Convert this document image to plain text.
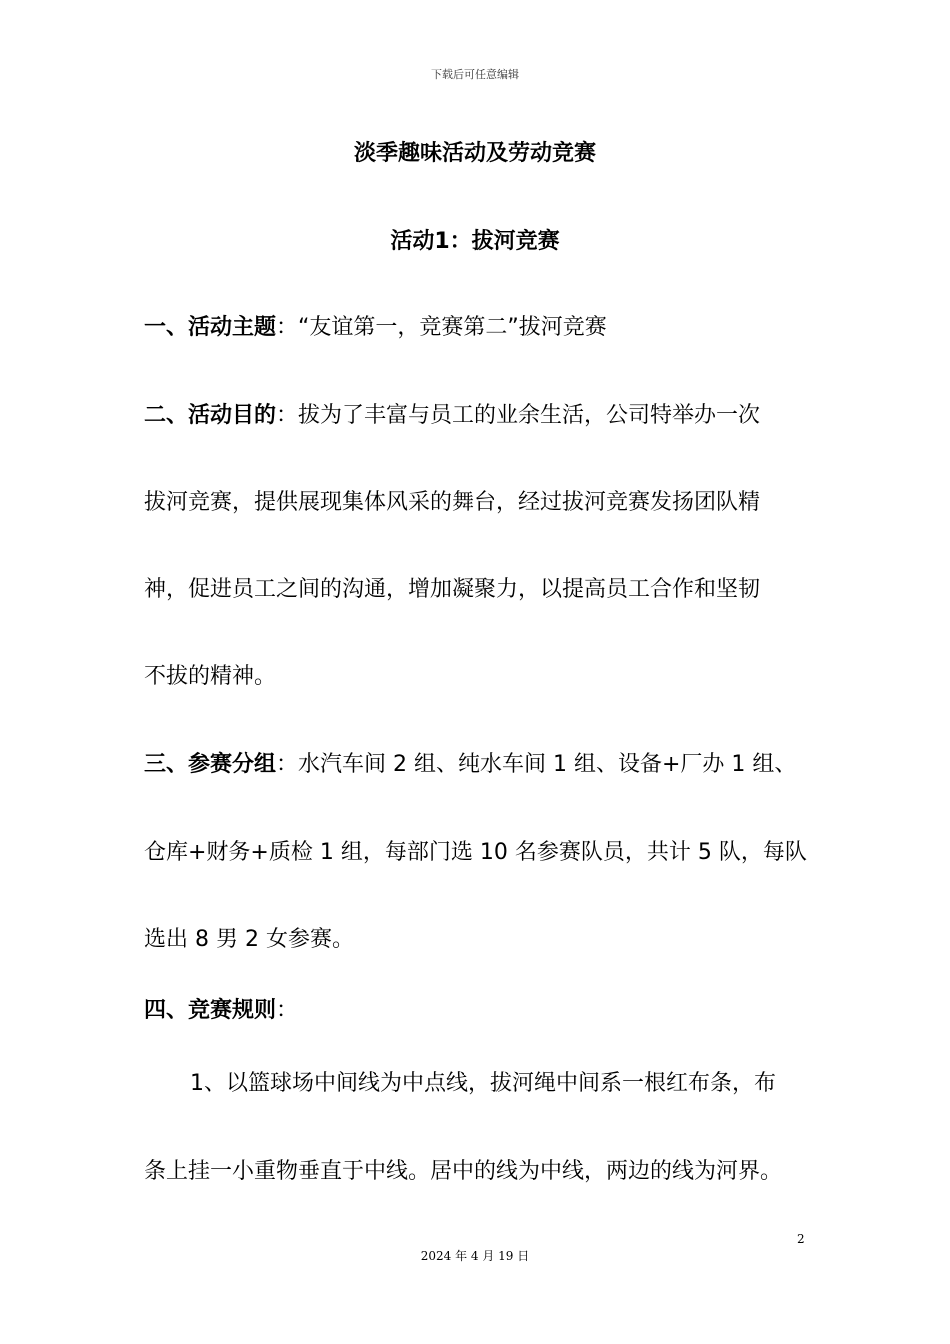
下载后可任意编辑
淡季趣味活动及劳动竞赛
活动1：拔河竞赛
一、活动主题：“友谊第一，竞赛第二”拔河竞赛
二、活动目的：拔为了丰富与员工的业余生活，公司特举办一次
拔河竞赛，提供展现集体风采的舞台，经过拔河竞赛发扬团队精
神，促进员工之间的沟通，增加凝聚力，以提高员工合作和坚韧
不拔的精神。
三、参赛分组：水汽车间 2 组、纯水车间 1 组、设备+厂办 1 组、
仓库+财务+质检 1 组，每部门选 10 名参赛队员，共计 5 队，每队
选出 8 男 2 女参赛。
四、竞赛规则：
1、以篮球场中间线为中点线，拔河绳中间系一根红布条，布
条上挂一小重物垂直于中线。居中的线为中线，两边的线为河界。
2
2024 年 4 月 19 日
